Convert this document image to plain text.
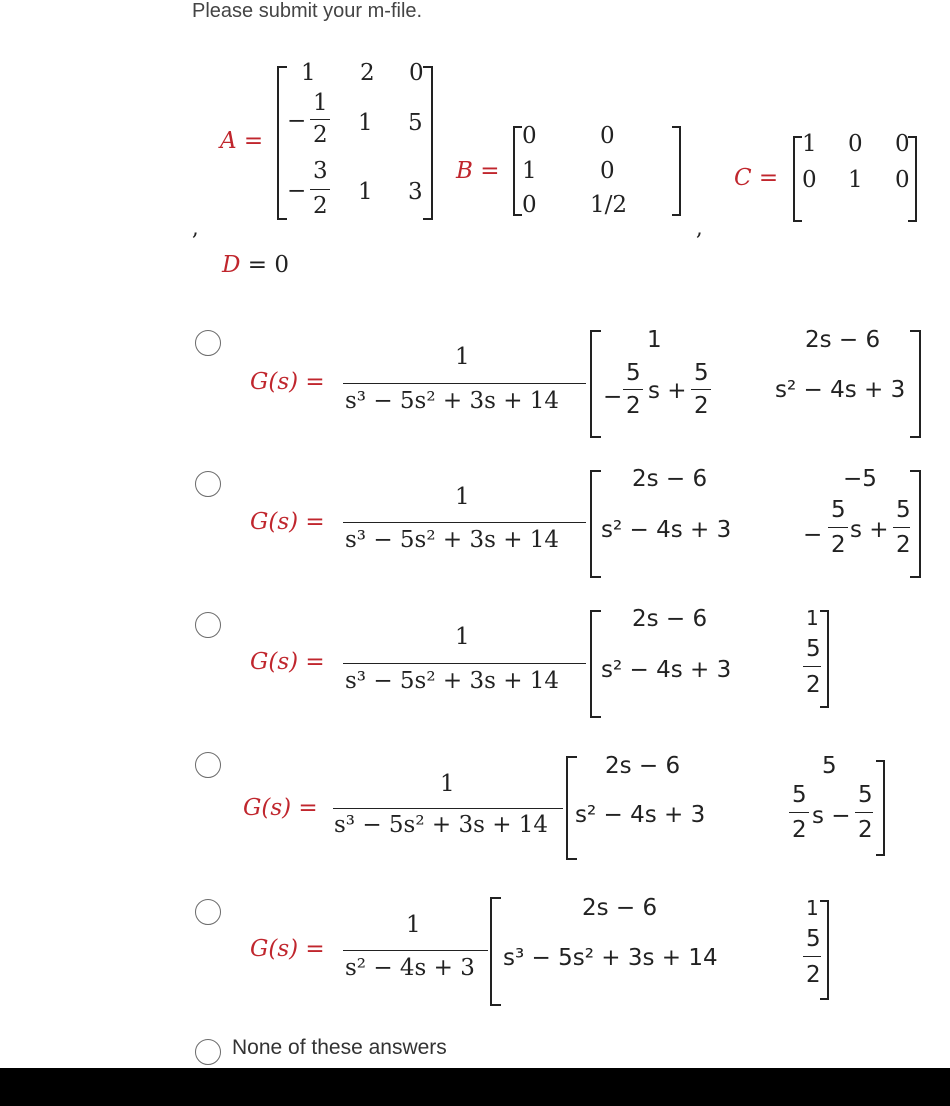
Please submit your m-file.
A =
1 2 0
−
1
2 1 5
−
3
2
1 3
B =
0
1
0
0
0
1/2
,	,
C =
1 0 0
0 1 0
D = 0
G(s) =
1
s³ − 5s² + 3s + 14
1
−
5
2
s +
5
2
2s − 6
s² − 4s + 3
G(s) =
1
s³ − 5s² + 3s + 14
2s − 6
s² − 4s + 3
−5
−
5
2
s +
5
2
G(s) =
1
s³ − 5s² + 3s + 14
2s − 6
s² − 4s + 3
1
5
2
G(s) =
1
s³ − 5s² + 3s + 14
2s − 6
s² − 4s + 3
5
5
2
s −
5
2
G(s) =
1
s² − 4s + 3
2s − 6
s³ − 5s² + 3s + 14
1
5
2
None of these answers
